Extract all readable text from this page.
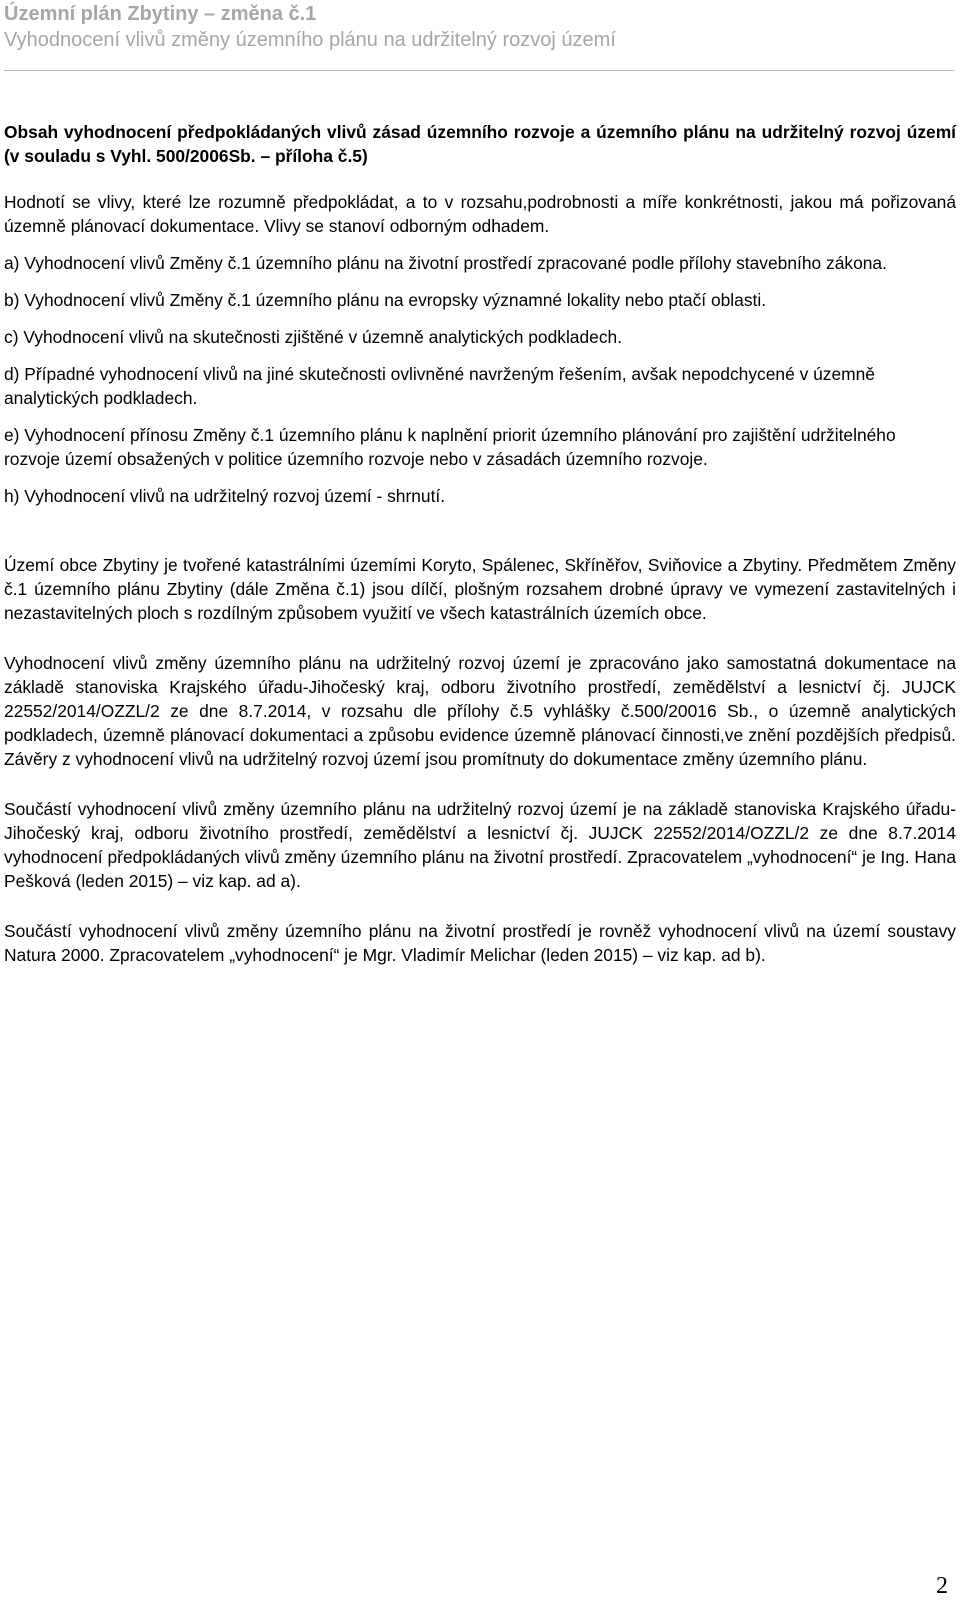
Územní plán Zbytiny – změna č.1

Vyhodnocení vlivů změny územního plánu na udržitelný rozvoj území

Obsah vyhodnocení předpokládaných vlivů zásad územního rozvoje a územního plánu na udržitelný rozvoj území (v souladu s Vyhl. 500/2006Sb. – příloha č.5)

Hodnotí se vlivy, které lze rozumně předpokládat, a to v rozsahu,podrobnosti a míře konkrétnosti, jakou má pořizovaná územně plánovací dokumentace. Vlivy se stanoví odborným odhadem.

a) Vyhodnocení vlivů Změny č.1 územního plánu na životní prostředí zpracované podle přílohy stavebního zákona.

b) Vyhodnocení vlivů Změny č.1 územního plánu na evropsky významné lokality nebo ptačí oblasti.

c) Vyhodnocení vlivů na skutečnosti zjištěné v územně analytických podkladech.

d) Případné vyhodnocení vlivů na jiné skutečnosti ovlivněné navrženým řešením, avšak nepodchycené v územně analytických podkladech.

e) Vyhodnocení přínosu Změny č.1 územního plánu k naplnění priorit územního plánování pro zajištění udržitelného rozvoje území obsažených v politice územního rozvoje nebo v zásadách územního rozvoje.

h) Vyhodnocení vlivů na udržitelný rozvoj území - shrnutí.

Území obce Zbytiny je tvořené katastrálními územími Koryto, Spálenec, Skříněřov, Sviňovice a Zbytiny. Předmětem Změny č.1 územního plánu Zbytiny (dále Změna č.1) jsou dílčí, plošným rozsahem drobné úpravy ve vymezení zastavitelných i nezastavitelných ploch s rozdílným způsobem využití ve všech katastrálních územích obce.

Vyhodnocení vlivů změny územního plánu na udržitelný rozvoj území je zpracováno jako samostatná dokumentace na základě stanoviska Krajského úřadu-Jihočeský kraj, odboru životního prostředí, zemědělství a lesnictví čj. JUJCK 22552/2014/OZZL/2 ze dne 8.7.2014, v rozsahu dle přílohy č.5 vyhlášky č.500/20016 Sb., o územně analytických podkladech, územně plánovací dokumentaci a způsobu evidence územně plánovací činnosti,ve znění pozdějších předpisů. Závěry z vyhodnocení vlivů na udržitelný rozvoj území jsou promítnuty do dokumentace změny územního plánu.

Součástí vyhodnocení vlivů změny územního plánu na udržitelný rozvoj území je na základě stanoviska Krajského úřadu-Jihočeský kraj, odboru životního prostředí, zemědělství a lesnictví čj. JUJCK 22552/2014/OZZL/2 ze dne 8.7.2014 vyhodnocení předpokládaných vlivů změny územního plánu na životní prostředí. Zpracovatelem „vyhodnocení“ je Ing. Hana Pešková (leden 2015) – viz kap. ad a).

Součástí vyhodnocení vlivů změny územního plánu na životní prostředí je rovněž vyhodnocení vlivů na území soustavy Natura 2000. Zpracovatelem „vyhodnocení“ je Mgr. Vladimír Melichar (leden 2015) – viz kap. ad b).

2
